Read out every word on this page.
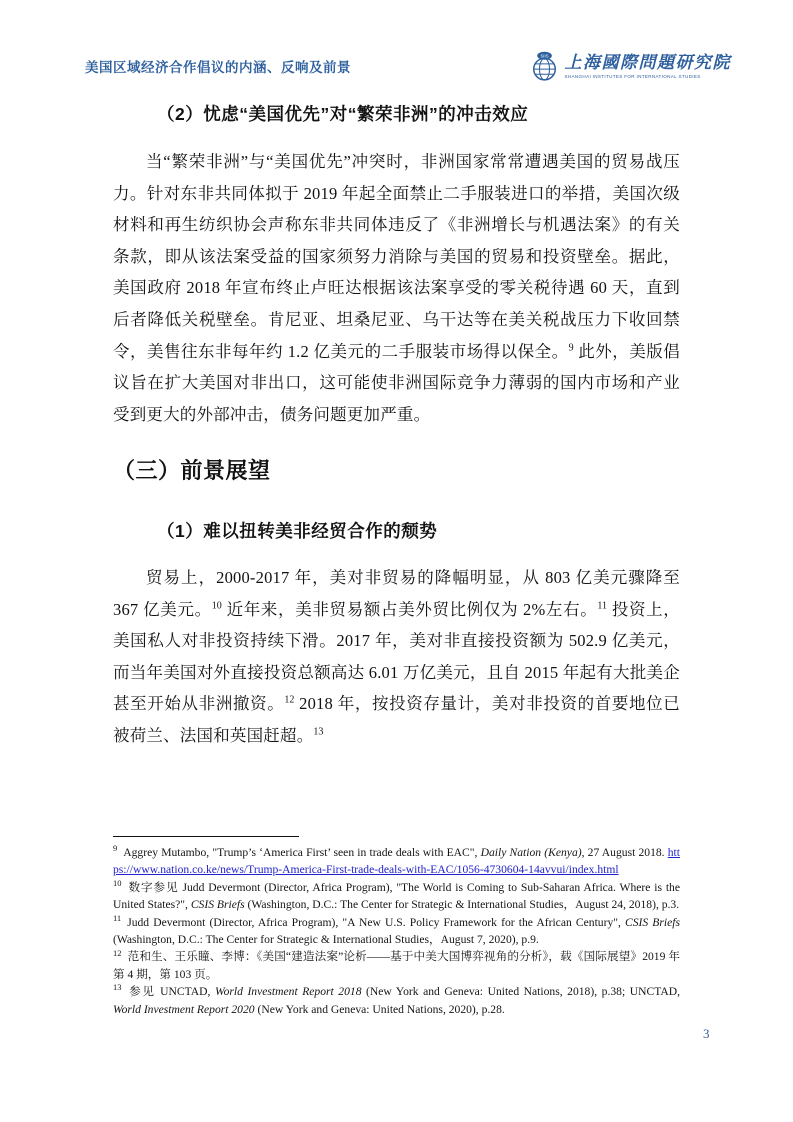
美国区域经济合作倡议的内涵、反响及前景
SIIS 上海國際問題研究院
SHANGHAI INSTITUTES FOR INTERNATIONAL STUDIES
（2）忧虑“美国优先”对“繁荣非洲”的冲击效应

当“繁荣非洲”与“美国优先”冲突时，非洲国家常常遭遇美国的贸易战压力。针对东非共同体拟于 2019 年起全面禁止二手服装进口的举措，美国次级材料和再生纺织协会声称东非共同体违反了《非洲增长与机遇法案》的有关条款，即从该法案受益的国家须努力消除与美国的贸易和投资壁垒。据此，美国政府 2018 年宣布终止卢旺达根据该法案享受的零关税待遇 60 天，直到后者降低关税壁垒。肯尼亚、坦桑尼亚、乌干达等在美关税战压力下收回禁令，美售往东非每年约 1.2 亿美元的二手服装市场得以保全。$^9$ 此外，美版倡议旨在扩大美国对非出口，这可能使非洲国际竞争力薄弱的国内市场和产业受到更大的外部冲击，债务问题更加严重。

（三）前景展望
（1）难以扭转美非经贸合作的颓势

贸易上，2000-2017 年，美对非贸易的降幅明显，从 803 亿美元骤降至 367 亿美元。$^{10}$ 近年来，美非贸易额占美外贸比例仅为 2%左右。$^{11}$ 投资上，美国私人对非投资持续下滑。2017 年，美对非直接投资额为 502.9 亿美元，而当年美国对外直接投资总额高达 6.01 万亿美元，且自 2015 年起有大批美企甚至开始从非洲撤资。$^{12}$ 2018 年，按投资存量计，美对非投资的首要地位已被荷兰、法国和英国赶超。$^{13}$

$^9$ Aggrey Mutambo, "Trump’s ‘America First’ seen in trade deals with EAC", Daily Nation (Kenya), 27 August 2018. https://www.nation.co.ke/news/Trump-America-First-trade-deals-with-EAC/1056-4730604-14avvui/index.html
$^{10}$ 数字参见 Judd Devermont (Director, Africa Program), "The World is Coming to Sub-Saharan Africa. Where is the United States?", CSIS Briefs (Washington, D.C.: The Center for Strategic & International Studies，August 24, 2018), p.3.
$^{11}$ Judd Devermont (Director, Africa Program), "A New U.S. Policy Framework for the African Century", CSIS Briefs (Washington, D.C.: The Center for Strategic & International Studies，August 7, 2020), p.9.
$^{12}$ 范和生、王乐瞳、李博：《美国“建造法案”论析——基于中美大国博弈视角的分析》，载《国际展望》2019 年第 4 期，第 103 页。
$^{13}$ 参见 UNCTAD, World Investment Report 2018 (New York and Geneva: United Nations, 2018), p.38; UNCTAD, World Investment Report 2020 (New York and Geneva: United Nations, 2020), p.28.
3
